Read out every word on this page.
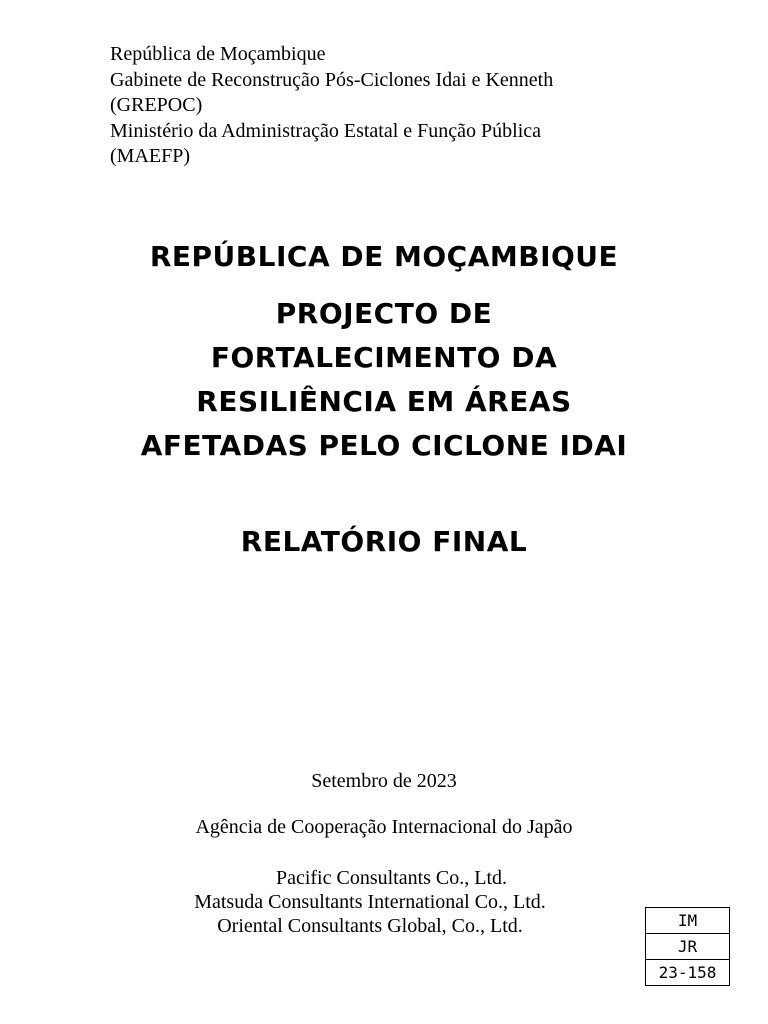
República de Moçambique
Gabinete de Reconstrução Pós-Ciclones Idai e Kenneth
(GREPOC)
Ministério da Administração Estatal e Função Pública
(MAEFP)
REPÚBLICA DE MOÇAMBIQUE
PROJECTO DE
FORTALECIMENTO DA
RESILIÊNCIA EM ÁREAS
AFETADAS PELO CICLONE IDAI
RELATÓRIO FINAL
Setembro de 2023
Agência de Cooperação Internacional do Japão
Pacific Consultants Co., Ltd.
Matsuda Consultants International Co., Ltd.
Oriental Consultants Global, Co., Ltd.	IM
JR
23-158
